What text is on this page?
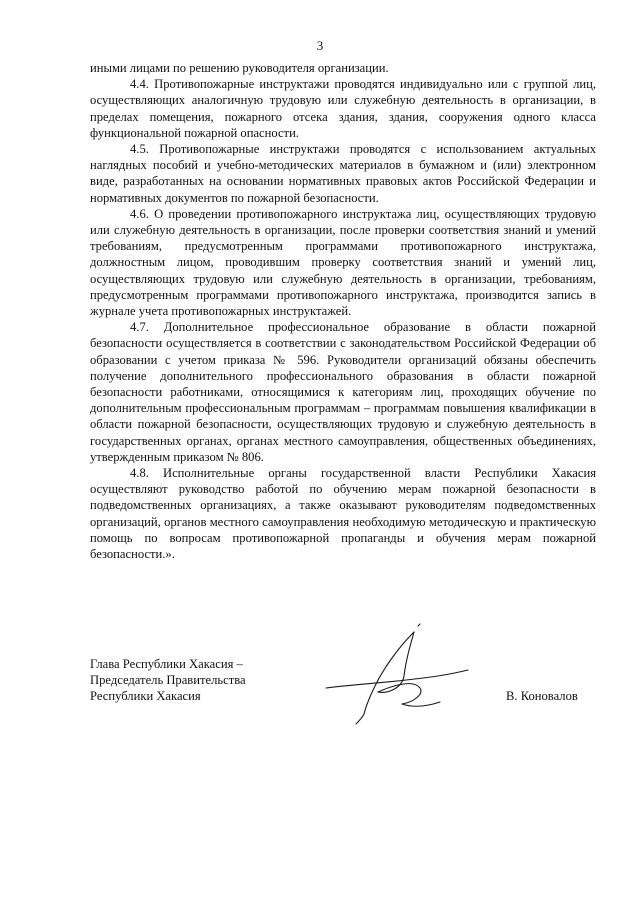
3

иными лицами по решению руководителя организации.

4.4. Противопожарные инструктажи проводятся индивидуально или с группой лиц, осуществляющих аналогичную трудовую или служебную деятельность в организации, в пределах помещения, пожарного отсека здания, здания, сооружения одного класса функциональной пожарной опасности.

4.5. Противопожарные инструктажи проводятся с использованием актуальных наглядных пособий и учебно-методических материалов в бумажном и (или) электронном виде, разработанных на основании нормативных правовых актов Российской Федерации и нормативных документов по пожарной безопасности.

4.6. О проведении противопожарного инструктажа лиц, осуществляющих трудовую или служебную деятельность в организации, после проверки соответствия знаний и умений требованиям, предусмотренным программами противопожарного инструктажа, должностным лицом, проводившим проверку соответствия знаний и умений лиц, осуществляющих трудовую или служебную деятельность в организации, требованиям, предусмотренным программами противопожарного инструктажа, производится запись в журнале учета противопожарных инструктажей.

4.7. Дополнительное профессиональное образование в области пожарной безопасности осуществляется в соответствии с законодательством Российской Федерации об образовании с учетом приказа № 596. Руководители организаций обязаны обеспечить получение дополнительного профессионального образования в области пожарной безопасности работниками, относящимися к категориям лиц, проходящих обучение по дополнительным профессиональным программам – программам повышения квалификации в области пожарной безопасности, осуществляющих трудовую и служебную деятельность в государственных органах, органах местного самоуправления, общественных объединениях, утвержденным приказом № 806.

4.8. Исполнительные органы государственной власти Республики Хакасия осуществляют руководство работой по обучению мерам пожарной безопасности в подведомственных организациях, а также оказывают руководителям подведомственных организаций, органов местного самоуправления необходимую методическую и практическую помощь по вопросам противопожарной пропаганды и обучения мерам пожарной безопасности.».

Глава Республики Хакасия –
Председатель Правительства
Республики Хакасия	В. Коновалов
